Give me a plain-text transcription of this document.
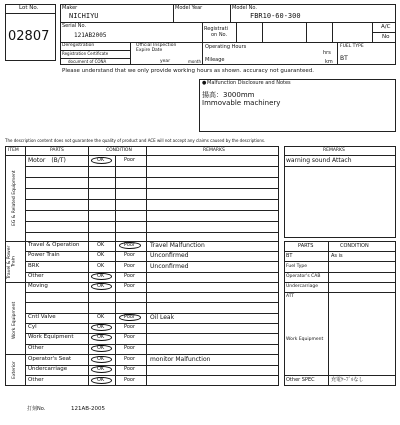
Lot No.
02807
Maker
NICHIYU
Model Year	Model No.
FBR10-60-300
Serial No.
121AB2005
Registrati
on No.
A/C
No
Deregistration
Registration Certificate
document of CONA
Official Inspection
Expire Date
year	month
Operating Hours
hrs
Mileage	km
FUEL TYPE
BT
Please understand that we only provide working hours as shown. accuracy not guaranteed.
● Malfunction Disclosure and Notes
揚高：3000mm
Immovable machinery
The description content does not guarantee the quality of product and ACE will not accept any claims caused by the descriptions.
ITEM	PARTS	CONDITION	REMARKS
EG & Related Equipment
Motor　(B/T)	OK	Poor
Travel & Power Train
Travel & Operation	OK	Poor Travel Malfunction
Power Train	OK	Poor Unconfirmed
BRK	OK	Poor Unconfirmed
Other	OK	Poor
Work Equipment
Moving	OK	Poor
Cntl Valve	OK	Poor Oil Leak
Cyl	OK	Poor
Work Equipment	OK	Poor
Other	OK	Poor
Exterior
Operator's Seat	OK	Poor monitor Malfunction
Undercarriage	OK	Poor
Other	OK	Poor
REMARKS
warning sound Attach
PARTS	CONDITION
BT	As is
Fuel Type
Operator's CAB
Undercarriage
ATT
Work Equipment
Other SPEC	充電ｹｰﾌﾞﾙなし
打刻No.	121AB-2005
